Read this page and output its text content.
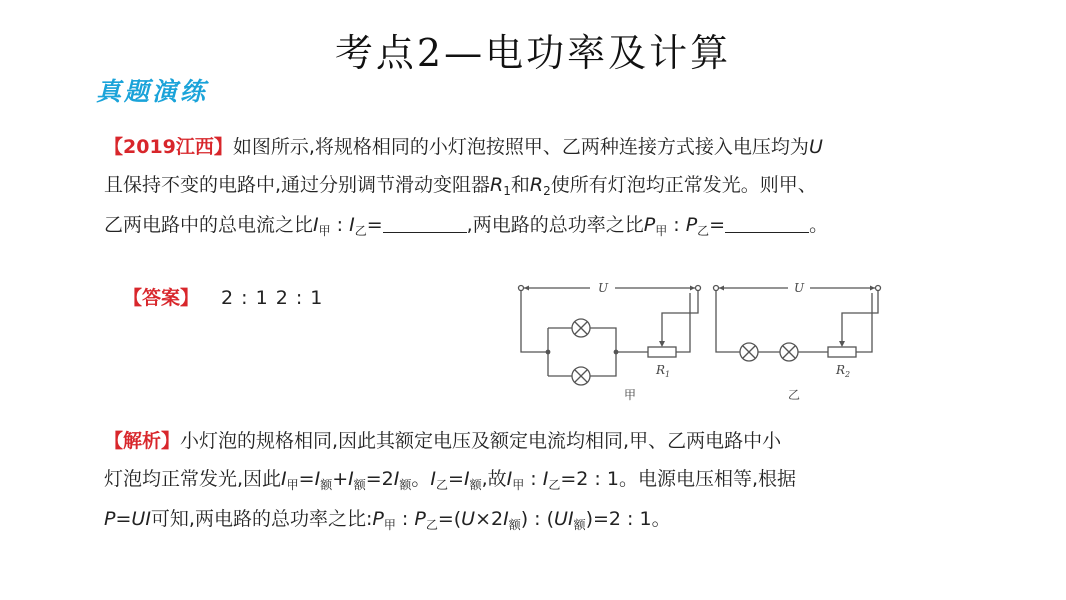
考点2—电功率及计算
真题演练
【2019江西】如图所示,将规格相同的小灯泡按照甲、乙两种连接方式接入电压均为U
且保持不变的电路中,通过分别调节滑动变阻器$R_1$和$R_2$使所有灯泡均正常发光。则甲、
乙两电路中的总电流之比$I_甲$ : $I_乙=$	,两电路的总功率之比$P_甲$ : $P_乙=$	。
【答案】 2 : 1 2 : 1	U	U
$R_1$	$R_2$
甲	乙
【解析】小灯泡的规格相同,因此其额定电压及额定电流均相同,甲、乙两电路中小
灯泡均正常发光,因此$I_甲=I_额+I_额=2I_额$。$I_乙=I_额$,故$I_甲$ : $I_乙=2$ : 1。电源电压相等,根据
P=UI可知,两电路的总功率之比$:P_甲$ : $P_乙=(U\times 2I_额)$ : $(UI_额)=2$ : 1。
